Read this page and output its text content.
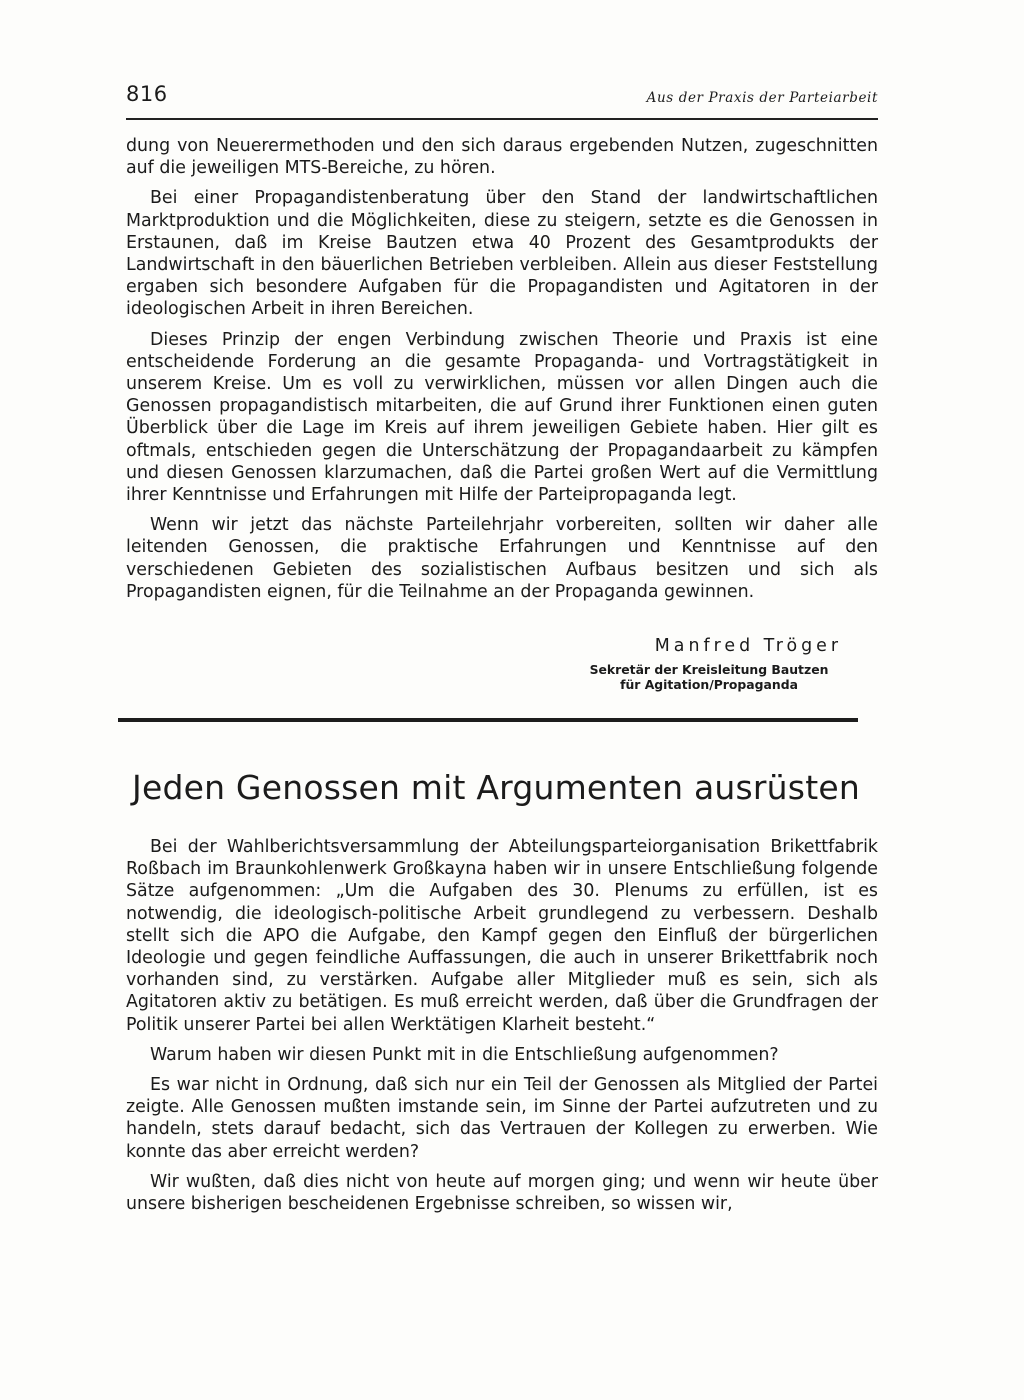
816	Aus der Praxis der Parteiarbeit

dung von Neuerermethoden und den sich daraus ergebenden Nutzen, zugeschnitten auf die jeweiligen MTS-Bereiche, zu hören.

Bei einer Propagandistenberatung über den Stand der landwirtschaftlichen Marktproduktion und die Möglichkeiten, diese zu steigern, setzte es die Genossen in Erstaunen, daß im Kreise Bautzen etwa 40 Prozent des Gesamtprodukts der Landwirtschaft in den bäuerlichen Betrieben verbleiben. Allein aus dieser Feststellung ergaben sich besondere Aufgaben für die Propagandisten und Agitatoren in der ideologischen Arbeit in ihren Bereichen.

Dieses Prinzip der engen Verbindung zwischen Theorie und Praxis ist eine entscheidende Forderung an die gesamte Propaganda- und Vortragstätigkeit in unserem Kreise. Um es voll zu verwirklichen, müssen vor allen Dingen auch die Genossen propagandistisch mitarbeiten, die auf Grund ihrer Funktionen einen guten Überblick über die Lage im Kreis auf ihrem jeweiligen Gebiete haben. Hier gilt es oftmals, entschieden gegen die Unterschätzung der Propagandaarbeit zu kämpfen und diesen Genossen klarzumachen, daß die Partei großen Wert auf die Vermittlung ihrer Kenntnisse und Erfahrungen mit Hilfe der Parteipropaganda legt.

Wenn wir jetzt das nächste Parteilehrjahr vorbereiten, sollten wir daher alle leitenden Genossen, die praktische Erfahrungen und Kenntnisse auf den verschiedenen Gebieten des sozialistischen Aufbaus besitzen und sich als Propagandisten eignen, für die Teilnahme an der Propaganda gewinnen.

Manfred Tröger
Sekretär der Kreisleitung Bautzen
für Agitation/Propaganda
Jeden Genossen mit Argumenten ausrüsten

Bei der Wahlberichtsversammlung der Abteilungsparteiorganisation Brikettfabrik Roßbach im Braunkohlenwerk Großkayna haben wir in unsere Entschließung folgende Sätze aufgenommen: „Um die Aufgaben des 30. Plenums zu erfüllen, ist es notwendig, die ideologisch-politische Arbeit grundlegend zu verbessern. Deshalb stellt sich die APO die Aufgabe, den Kampf gegen den Einfluß der bürgerlichen Ideologie und gegen feindliche Auffassungen, die auch in unserer Brikettfabrik noch vorhanden sind, zu verstärken. Aufgabe aller Mitglieder muß es sein, sich als Agitatoren aktiv zu betätigen. Es muß erreicht werden, daß über die Grundfragen der Politik unserer Partei bei allen Werktätigen Klarheit besteht.“

Warum haben wir diesen Punkt mit in die Entschließung aufgenommen?

Es war nicht in Ordnung, daß sich nur ein Teil der Genossen als Mitglied der Partei zeigte. Alle Genossen mußten imstande sein, im Sinne der Partei aufzutreten und zu handeln, stets darauf bedacht, sich das Vertrauen der Kollegen zu erwerben. Wie konnte das aber erreicht werden?

Wir wußten, daß dies nicht von heute auf morgen ging; und wenn wir heute über unsere bisherigen bescheidenen Ergebnisse schreiben, so wissen wir,
